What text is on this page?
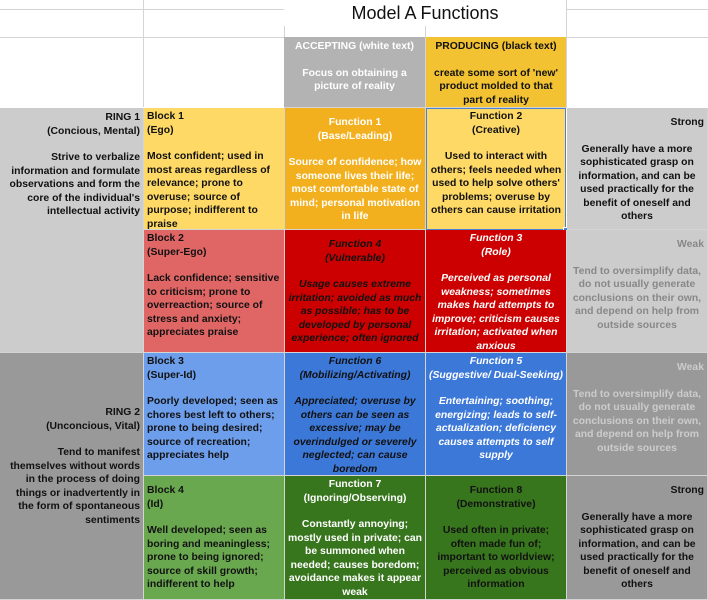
Model A Functions
ACCEPTING (white text)
Focus on obtaining a picture of reality
PRODUCING (black text)
create some sort of 'new' product molded to that part of reality
RING 1
(Concious, Mental)
Strive to verbalize information and formulate observations and form the core of the individual's intellectual activity
RING 2
(Unconcious, Vital)
Tend to manifest themselves without words in the process of doing things or inadvertently in the form of spontaneous sentiments
Block 1
(Ego)
Most confident; used in most areas regardless of relevance; prone to overuse; source of purpose; indifferent to praise
Function 1
(Base/Leading)
Source of confidence; how someone lives their life; most comfortable state of mind; personal motivation in life
Function 2
(Creative)
Used to interact with others; feels needed when used to help solve others' problems; overuse by others can cause irritation
Strong
Generally have a more sophisticated grasp on information, and can be used practically for the benefit of oneself and others
Block 2
(Super-Ego)
Lack confidence; sensitive to criticism; prone to overreaction; source of stress and anxiety; appreciates praise
Function 4
(Vulnerable)
Usage causes extreme irritation; avoided as much as possible; has to be developed by personal experience; often ignored
Function 3
(Role)
Perceived as personal weakness; sometimes makes hard attempts to improve; criticism causes irritation; activated when anxious
Weak
Tend to oversimplify data, do not usually generate conclusions on their own, and depend on help from outside sources
Block 3
(Super-Id)
Poorly developed; seen as chores best left to others; prone to being desired; source of recreation; appreciates help
Function 6
(Mobilizing/Activating)
Appreciated; overuse by others can be seen as excessive; may be overindulged or severely neglected; can cause boredom
Function 5
(Suggestive/ Dual-Seeking)
Entertaining; soothing; energizing; leads to self-actualization; deficiency causes attempts to self supply
Weak
Tend to oversimplify data, do not usually generate conclusions on their own, and depend on help from outside sources
Block 4
(Id)
Well developed; seen as boring and meaningless; prone to being ignored; source of skill growth; indifferent to help
Function 7
(Ignoring/Observing)
Constantly annoying; mostly used in private; can be summoned when needed; causes boredom; avoidance makes it appear weak
Function 8
(Demonstrative)
Used often in private; often made fun of; important to worldview; perceived as obvious information
Strong
Generally have a more sophisticated grasp on information, and can be used practically for the benefit of oneself and others
